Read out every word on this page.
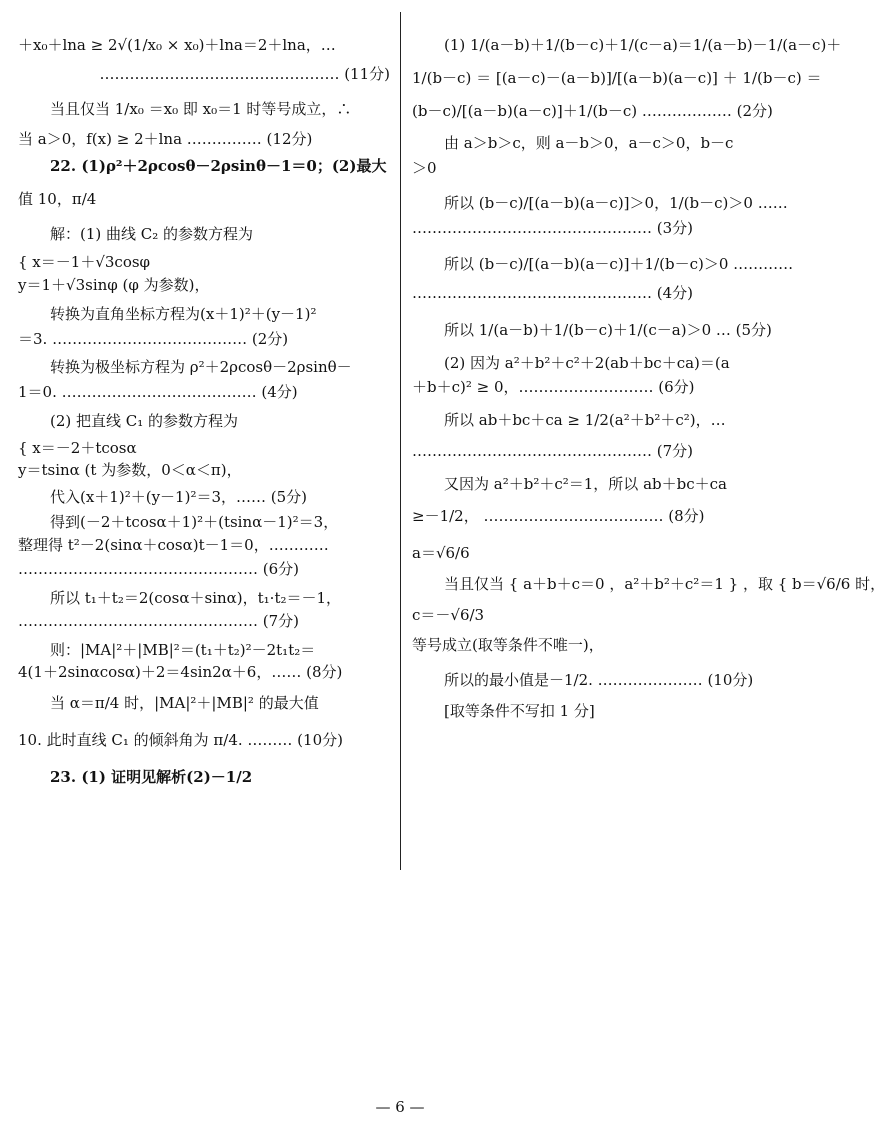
＋x₀＋lna ≥ 2√(1/x₀ × x₀)＋lna＝2＋lna，…
………………………………………… (11分)
当且仅当 1/x₀ ＝x₀ 即 x₀＝1 时等号成立，∴
当 a＞0，f(x) ≥ 2＋lna …………… (12分)
22. (1)ρ²＋2ρcosθ－2ρsinθ－1＝0；(2)最大
值 10，π/4
解：(1) 曲线 C₂ 的参数方程为
{ x＝－1＋√3cosφ
y＝1＋√3sinφ (φ 为参数)，
转换为直角坐标方程为(x＋1)²＋(y－1)²
＝3. ………………………………… (2分)
转换为极坐标方程为 ρ²＋2ρcosθ－2ρsinθ－
1＝0. ………………………………… (4分)
(2) 把直线 C₁ 的参数方程为
{ x＝－2＋tcosα
y＝tsinα (t 为参数，0＜α＜π)，
代入(x＋1)²＋(y－1)²＝3，…… (5分)
得到(－2＋tcosα＋1)²＋(tsinα－1)²＝3，
整理得 t²－2(sinα＋cosα)t－1＝0，…………
………………………………………… (6分)
所以 t₁＋t₂＝2(cosα＋sinα)，t₁·t₂＝－1，
………………………………………… (7分)
则：|MA|²＋|MB|²＝(t₁＋t₂)²－2t₁t₂＝
4(1＋2sinαcosα)＋2＝4sin2α＋6，…… (8分)
当 α＝π/4 时，|MA|²＋|MB|² 的最大值
10. 此时直线 C₁ 的倾斜角为 π/4. ……… (10分)
23. (1) 证明见解析(2)－1/2
(1) 1/(a－b)＋1/(b－c)＋1/(c－a)＝1/(a－b)－1/(a－c)＋
1/(b－c) ＝ [(a－c)－(a－b)]/[(a－b)(a－c)] ＋ 1/(b－c) ＝
(b－c)/[(a－b)(a－c)]＋1/(b－c) ……………… (2分)
由 a＞b＞c，则 a－b＞0，a－c＞0，b－c
＞0
所以 (b－c)/[(a－b)(a－c)]＞0，1/(b－c)＞0 ……
………………………………………… (3分)
所以 (b－c)/[(a－b)(a－c)]＋1/(b－c)＞0 …………
………………………………………… (4分)
所以 1/(a－b)＋1/(b－c)＋1/(c－a)＞0 … (5分)
(2) 因为 a²＋b²＋c²＋2(ab＋bc＋ca)＝(a
＋b＋c)² ≥ 0，……………………… (6分)
所以 ab＋bc＋ca ≥ 1/2(a²＋b²＋c²)，…
………………………………………… (7分)
又因为 a²＋b²＋c²＝1，所以 ab＋bc＋ca
≥－1/2， ……………………………… (8分)
a＝√6/6
当且仅当 { a＋b＋c＝0 ，a²＋b²＋c²＝1 } ，取 { b＝√6/6 时，
c＝－√6/3
等号成立(取等条件不唯一)，
所以的最小值是－1/2. ………………… (10分)
[取等条件不写扣 1 分]
— 6 —
